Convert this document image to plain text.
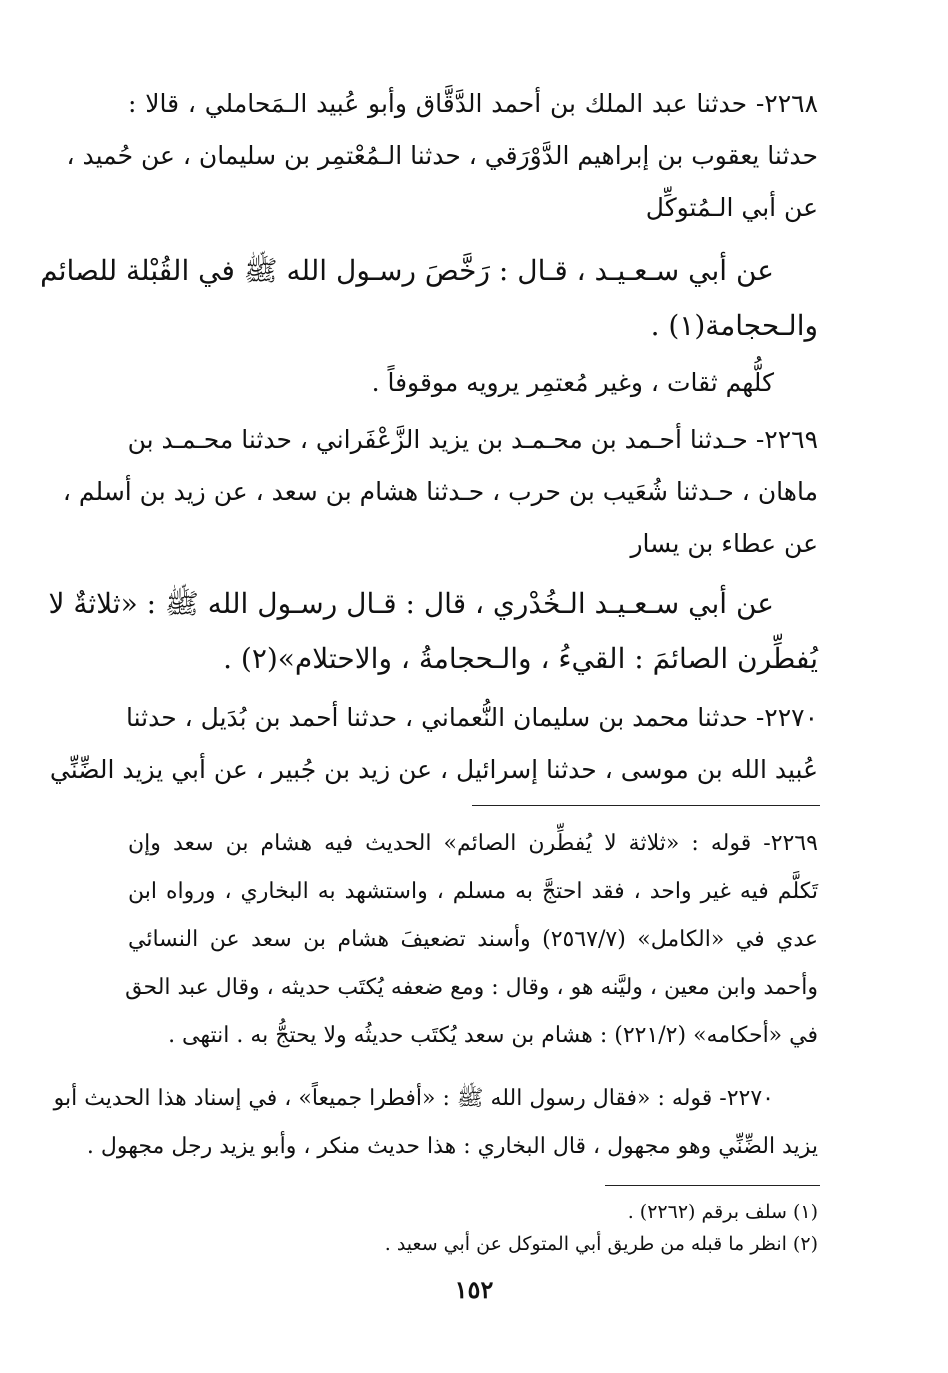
٢٢٦٨- حدثنا عبد الملك بن أحمد الدَّقَّاق وأبو عُبيد الـمَحاملي ، قالا :
حدثنا يعقوب بن إبراهيم الدَّوْرَقي ، حدثنا الـمُعْتمِر بن سليمان ، عن حُميد ،
عن أبي الـمُتوكِّل
عن أبي سـعـيـد ، قـال : رَخَّصَ رسـول الله ﷺ في القُبْلة للصائم
والـحجامة(١) .
كلُّهم ثقات ، وغير مُعتمِر يرويه موقوفاً .
٢٢٦٩- حـدثنا أحـمد بن محـمـد بن يزيد الزَّعْفَراني ، حدثنا محـمـد بن
ماهان ، حـدثنا شُعَيب بن حرب ، حـدثنا هشام بن سعد ، عن زيد بن أسلم ،
عن عطاء بن يسار
عن أبي سـعـيـد الـخُدْري ، قال : قـال رسـول الله ﷺ : «ثلاثةٌ لا
يُفطِّرن الصائمَ : القيءُ ، والـحجامةُ ، والاحتلام»(٢) .
٢٢٧٠- حدثنا محمد بن سليمان النُّعماني ، حدثنا أحمد بن بُدَيل ، حدثنا
عُبيد الله بن موسى ، حدثنا إسرائيل ، عن زيد بن جُبير ، عن أبي يزيد الضِّنِّي
٢٢٦٩- قوله : «ثلاثة لا يُفطِّرن الصائم» الحديث فيه هشام بن سعد وإن
تَكلَّم فيه غير واحد ، فقد احتجَّ به مسلم ، واستشهد به البخاري ، ورواه ابن
عدي في «الكامل» (٢٥٦٧/٧) وأسند تضعيفَ هشام بن سعد عن النسائي
وأحمد وابن معين ، وليَّنه هو ، وقال : ومع ضعفه يُكتَب حديثه ، وقال عبد الحق
في «أحكامه» (٢٢١/٢) : هشام بن سعد يُكتَب حديثُه ولا يحتجُّ به . انتهى .
٢٢٧٠- قوله : «فقال رسول الله ﷺ : «أفطرا جميعاً» ، في إسناد هذا الحديث أبو
يزيد الضِّنِّي وهو مجهول ، قال البخاري : هذا حديث منكر ، وأبو يزيد رجل مجهول .
(١) سلف برقم (٢٢٦٢) .
(٢) انظر ما قبله من طريق أبي المتوكل عن أبي سعيد .
١٥٢
